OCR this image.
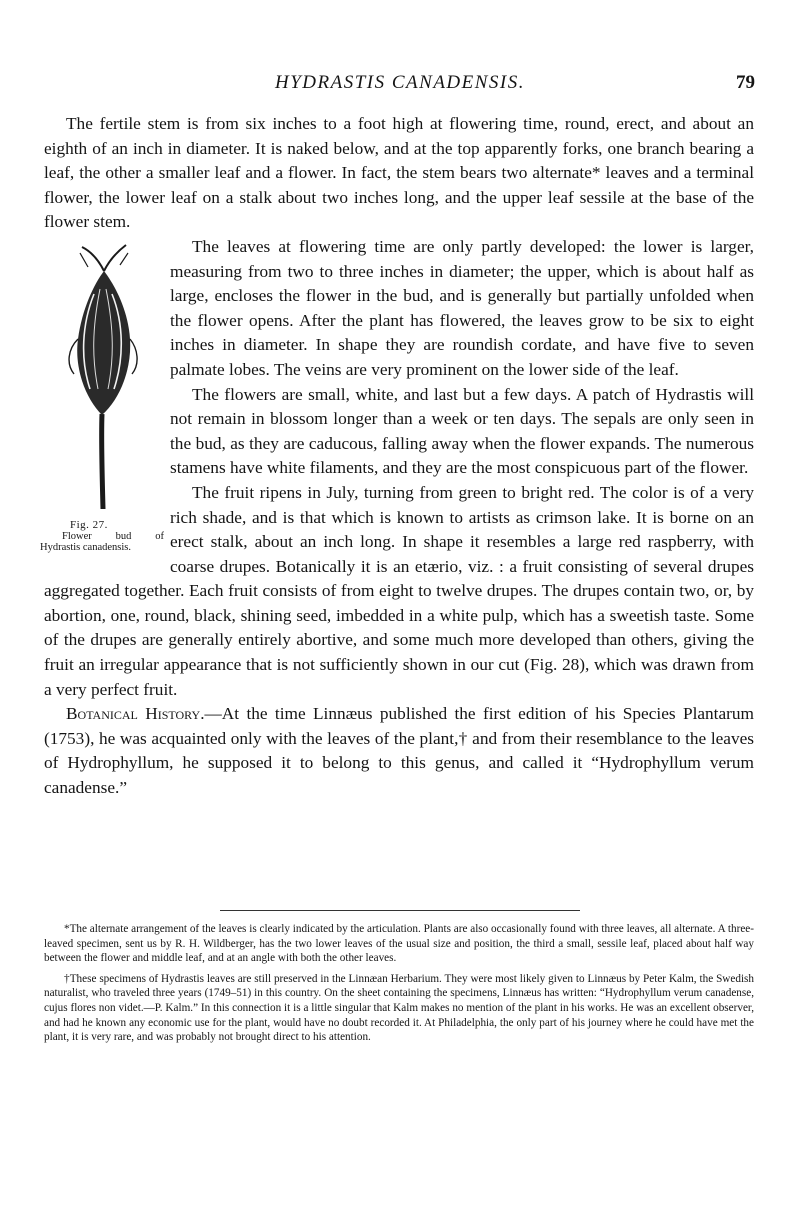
HYDRASTIS CANADENSIS.	79

The fertile stem is from six inches to a foot high at flowering time, round, erect, and about an eighth of an inch in diameter. It is naked below, and at the top apparently forks, one branch bearing a leaf, the other a smaller leaf and a flower. In fact, the stem bears two alternate* leaves and a terminal flower, the lower leaf on a stalk about two inches long, and the upper leaf sessile at the base of the flower stem.

Fig. 27.
Flower bud of Hydrastis canadensis.
The leaves at flowering time are only partly developed: the lower is larger, measuring from two to three inches in diameter; the upper, which is about half as large, encloses the flower in the bud, and is generally but partially unfolded when the flower opens. After the plant has flowered, the leaves grow to be six to eight inches in diameter. In shape they are roundish cordate, and have five to seven palmate lobes. The veins are very prominent on the lower side of the leaf.

The flowers are small, white, and last but a few days. A patch of Hydrastis will not remain in blossom longer than a week or ten days. The sepals are only seen in the bud, as they are caducous, falling away when the flower expands. The numerous stamens have white filaments, and they are the most conspicuous part of the flower.

The fruit ripens in July, turning from green to bright red. The color is of a very rich shade, and is that which is known to artists as crimson lake. It is borne on an erect stalk, about an inch long. In shape it resembles a large red raspberry, with coarse drupes. Botanically it is an etærio, viz. : a fruit consisting of several drupes aggregated together. Each fruit consists of from eight to twelve drupes. The drupes contain two, or, by abortion, one, round, black, shining seed, imbedded in a white pulp, which has a sweetish taste. Some of the drupes are generally entirely abortive, and some much more developed than others, giving the fruit an irregular appearance that is not sufficiently shown in our cut (Fig. 28), which was drawn from a very perfect fruit.

Botanical History.—At the time Linnæus published the first edition of his Species Plantarum (1753), he was acquainted only with the leaves of the plant,† and from their resemblance to the leaves of Hydrophyllum, he supposed it to belong to this genus, and called it “Hydrophyllum verum canadense.”

*The alternate arrangement of the leaves is clearly indicated by the articulation. Plants are also occasionally found with three leaves, all alternate. A three-leaved specimen, sent us by R. H. Wildberger, has the two lower leaves of the usual size and position, the third a small, sessile leaf, placed about half way between the flower and middle leaf, and at an angle with both the other leaves.

†These specimens of Hydrastis leaves are still preserved in the Linnæan Herbarium. They were most likely given to Linnæus by Peter Kalm, the Swedish naturalist, who traveled three years (1749–51) in this country. On the sheet containing the specimens, Linnæus has written: “Hydrophyllum verum canadense, cujus flores non videt.—P. Kalm.” In this connection it is a little singular that Kalm makes no mention of the plant in his works. He was an excellent observer, and had he known any economic use for the plant, would have no doubt recorded it. At Philadelphia, the only part of his journey where he could have met the plant, it is very rare, and was probably not brought direct to his attention.
